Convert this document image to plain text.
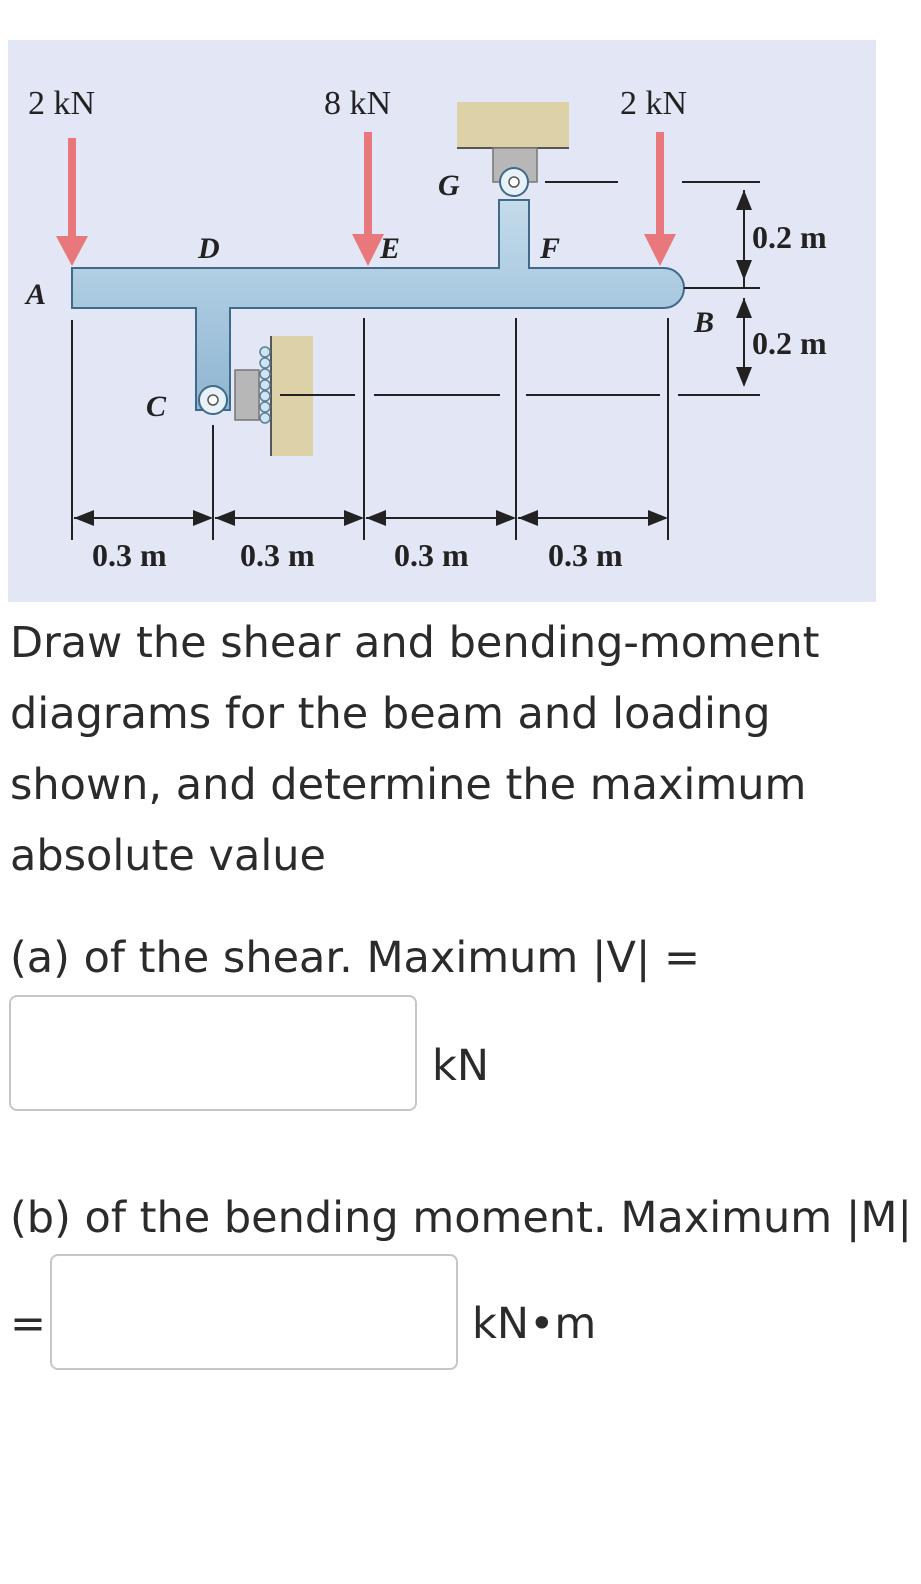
2 kN	8 kN	2 kN
A
D	E
G
F
B
C
0.2 m
0.2 m
0.3 m 0.3 m 0.3 m 0.3 m

Draw the shear and bending-moment diagrams for the beam and loading shown, and determine the maximum absolute value

(a) of the shear. Maximum |V| =

kN

(b) of the bending moment. Maximum |M|

=	kN•m
